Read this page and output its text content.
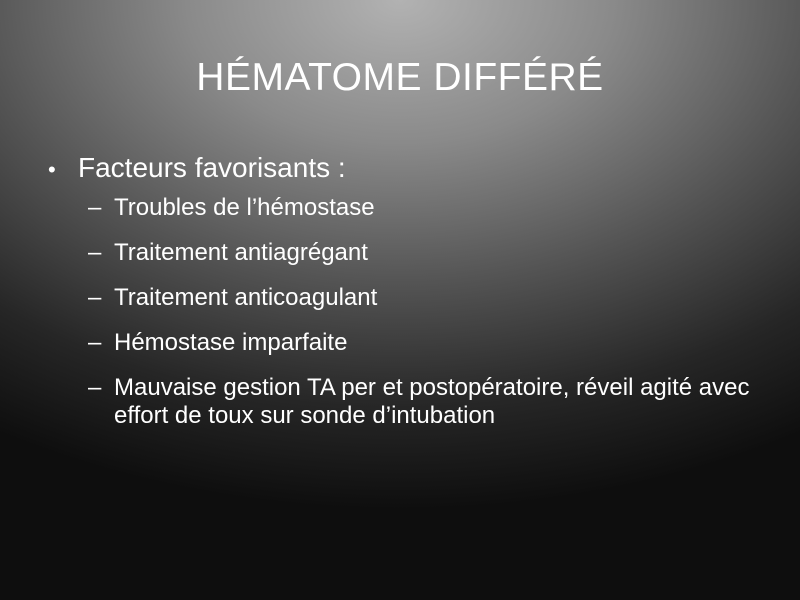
HÉMATOME DIFFÉRÉ
• Facteurs favorisants :
– Troubles de l’hémostase
– Traitement antiagrégant
– Traitement anticoagulant
– Hémostase imparfaite
– Mauvaise gestion TA per et postopératoire, réveil agité avec effort de toux sur sonde d’intubation
